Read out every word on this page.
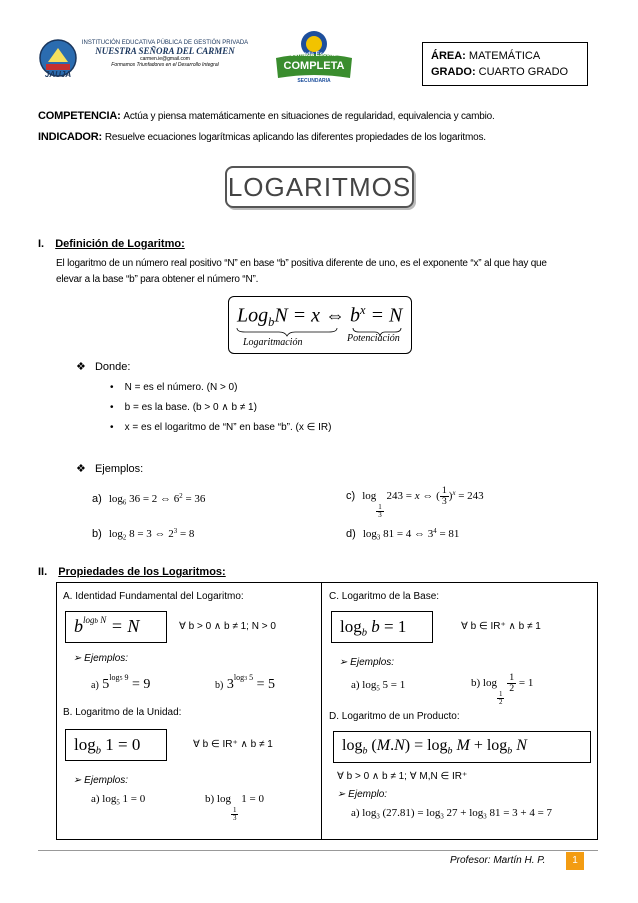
JAUJA
INSTITUCIÓN EDUCATIVA PÚBLICA DE GESTIÓN PRIVADA
NUESTRA SEÑORA DEL CARMEN
carmen.ie@gmail.com
Formamos Triunfadores en el Desarrollo Integral
Jornada Escolar
COMPLETA
SECUNDARIA
ÁREA: MATEMÁTICA
GRADO: CUARTO GRADO
COMPETENCIA: Actúa y piensa matemáticamente en situaciones de regularidad, equivalencia y cambio.
INDICADOR: Resuelve ecuaciones logarítmicas aplicando las diferentes propiedades de los logaritmos.
LOGARITMOS
I. Definición de Logaritmo:
El logaritmo de un número real positivo “N” en base “b” positiva diferente de uno, es el exponente “x” al que hay que
elevar a la base “b” para obtener el número “N”.
Log$_b$N = x ⇔ $b^x = N$
Logaritmación	Potenciación
❖ Donde:
•    N = es el número. (N > 0)
•    b = es la base. (b > 0 ∧ b ≠ 1)
•    x = es el logaritmo de “N” en base “b”. (x ∈ IR)
❖ Ejemplos:
a) $\log_6 36 = 2$ ⇔ $6^2 = 36$
b) $\log_2 8 = 3$ ⇔ $2^3 = 8$
c) log
$\frac{1}{3}$
243 = x ⇔ ( $\frac{1}{3} )^x = 243$
d) $\log_3 81 = 4$ ⇔ $3^4 = 81$
II. Propiedades de los Logaritmos:
A. Identidad Fundamental del Logaritmo:
$b^{logb N} = N$	∀ b > 0 ∧ b ≠ 1; N > 0
➢ Ejemplos:
a) $5^{log5 9} = 9$	b) $3^{log3 5} = 5$
B. Logaritmo de la Unidad:
$\log_b 1 = 0$	∀ b ∈ IR⁺ ∧ b ≠ 1
➢ Ejemplos:
a) $\log_5 1 = 0$	b) log
$\frac{1}{3}$
1 = 0
C. Logaritmo de la Base:
$\log_b b = 1$	∀ b ∈ IR⁺ ∧ b ≠ 1
➢ Ejemplos:
a) $\log_5 5 = 1$	b) log
$\frac{1}{2}$

$\frac{1}{2} = 1$
D. Logaritmo de un Producto:
$\log_b (M.N) = \log_b M + \log_b N$
∀ b > 0 ∧ b ≠ 1; ∀ M,N ∈ IR⁺
➢ Ejemplo:
a) $\log_3 (27.81) = \log_3 27 + \log_3 81 = 3 + 4 = 7$
Profesor: Martín H. P.	1
